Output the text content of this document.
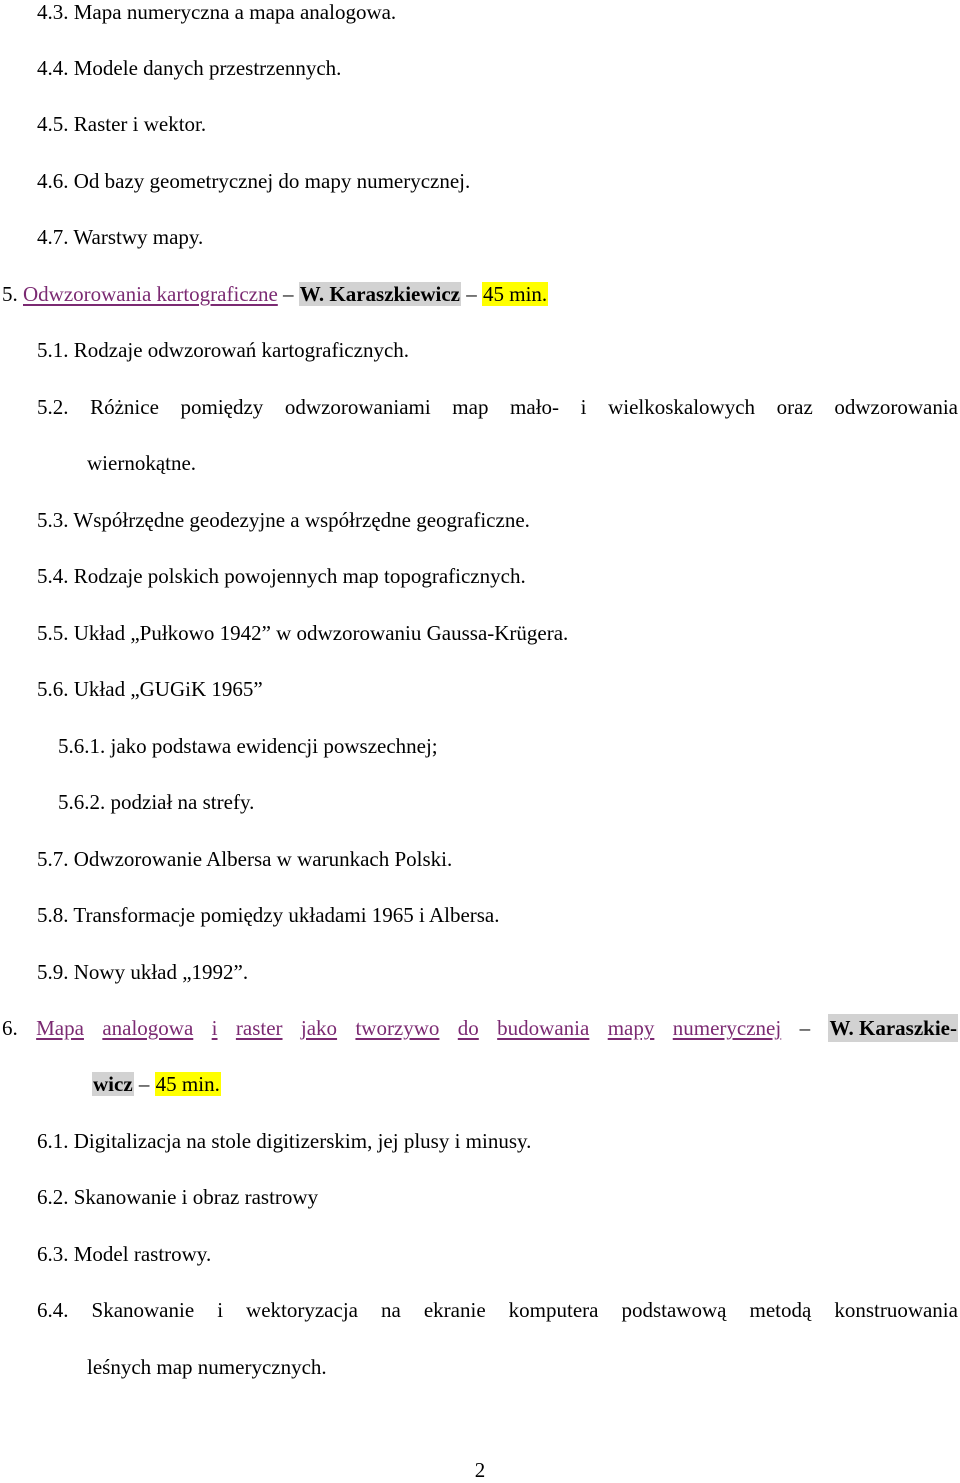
4.3. Mapa numeryczna a mapa analogowa.
4.4. Modele danych przestrzennych.
4.5. Raster i wektor.
4.6. Od bazy geometrycznej do mapy numerycznej.
4.7. Warstwy mapy.
5. Odwzorowania kartograficzne – W. Karaszkiewicz – 45 min.
5.1. Rodzaje odwzorowań kartograficznych.
5.2. Różnice pomiędzy odwzorowaniami map mało- i wielkoskalowych oraz odwzorowania
wiernokątne.
5.3. Współrzędne geodezyjne a współrzędne geograficzne.
5.4. Rodzaje polskich powojennych map topograficznych.
5.5. Układ „Pułkowo 1942” w odwzorowaniu Gaussa-Krügera.
5.6. Układ „GUGiK 1965”
5.6.1. jako podstawa ewidencji powszechnej;
5.6.2. podział na strefy.
5.7. Odwzorowanie Albersa w warunkach Polski.
5.8. Transformacje pomiędzy układami 1965 i Albersa.
5.9. Nowy układ „1992”.
6. Mapa analogowa i raster jako tworzywo do budowania mapy numerycznej – W. Karaszkie-
wicz – 45 min.
6.1. Digitalizacja na stole digitizerskim, jej plusy i minusy.
6.2. Skanowanie i obraz rastrowy
6.3. Model rastrowy.
6.4. Skanowanie i wektoryzacja na ekranie komputera podstawową metodą konstruowania
leśnych map numerycznych.
2
